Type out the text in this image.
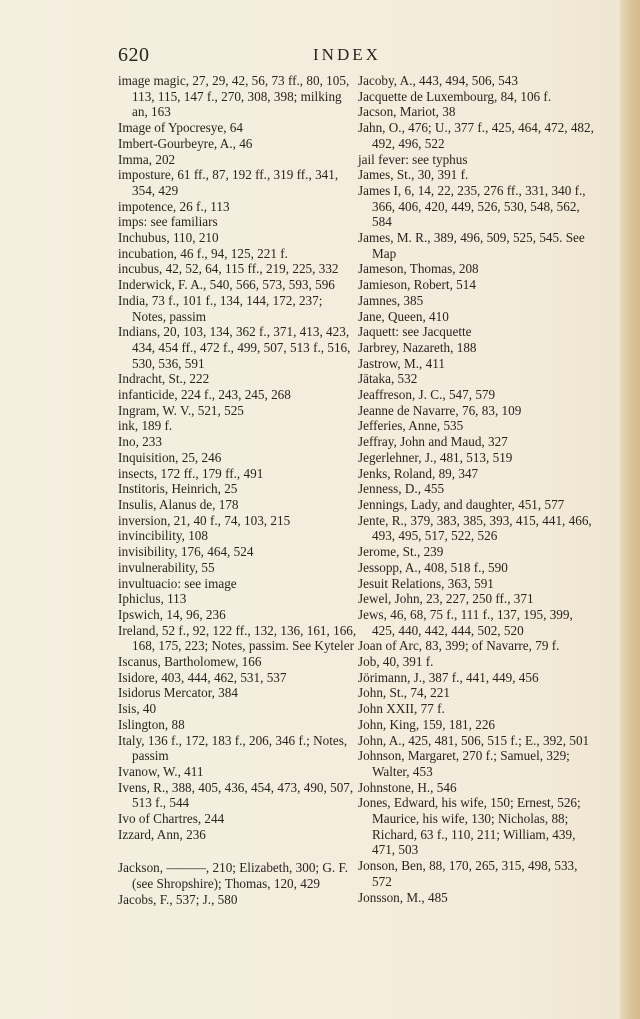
620	INDEX

image magic, 27, 29, 42, 56, 73 ff., 80, 105, 113, 115, 147 f., 270, 308, 398; milking an, 163

Image of Ypocresye, 64

Imbert-Gourbeyre, A., 46

Imma, 202

imposture, 61 ff., 87, 192 ff., 319 ff., 341, 354, 429

impotence, 26 f., 113

imps: see familiars

Inchubus, 110, 210

incubation, 46 f., 94, 125, 221 f.

incubus, 42, 52, 64, 115 ff., 219, 225, 332

Inderwick, F. A., 540, 566, 573, 593, 596

India, 73 f., 101 f., 134, 144, 172, 237; Notes, passim

Indians, 20, 103, 134, 362 f., 371, 413, 423, 434, 454 ff., 472 f., 499, 507, 513 f., 516, 530, 536, 591

Indracht, St., 222

infanticide, 224 f., 243, 245, 268

Ingram, W. V., 521, 525

ink, 189 f.

Ino, 233

Inquisition, 25, 246

insects, 172 ff., 179 ff., 491

Institoris, Heinrich, 25

Insulis, Alanus de, 178

inversion, 21, 40 f., 74, 103, 215

invincibility, 108

invisibility, 176, 464, 524

invulnerability, 55

invultuacio: see image

Iphiclus, 113

Ipswich, 14, 96, 236

Ireland, 52 f., 92, 122 ff., 132, 136, 161, 166, 168, 175, 223; Notes, passim. See Kyteler

Iscanus, Bartholomew, 166

Isidore, 403, 444, 462, 531, 537

Isidorus Mercator, 384

Isis, 40

Islington, 88

Italy, 136 f., 172, 183 f., 206, 346 f.; Notes, passim

Ivanow, W., 411

Ivens, R., 388, 405, 436, 454, 473, 490, 507, 513 f., 544

Ivo of Chartres, 244

Izzard, Ann, 236

Jackson, ———, 210; Elizabeth, 300; G. F. (see Shropshire); Thomas, 120, 429

Jacobs, F., 537; J., 580

Jacoby, A., 443, 494, 506, 543

Jacquette de Luxembourg, 84, 106 f.

Jacson, Mariot, 38

Jahn, O., 476; U., 377 f., 425, 464, 472, 482, 492, 496, 522

jail fever: see typhus

James, St., 30, 391 f.

James I, 6, 14, 22, 235, 276 ff., 331, 340 f., 366, 406, 420, 449, 526, 530, 548, 562, 584

James, M. R., 389, 496, 509, 525, 545. See Map

Jameson, Thomas, 208

Jamieson, Robert, 514

Jamnes, 385

Jane, Queen, 410

Jaquett: see Jacquette

Jarbrey, Nazareth, 188

Jastrow, M., 411

Jātaka, 532

Jeaffreson, J. C., 547, 579

Jeanne de Navarre, 76, 83, 109

Jefferies, Anne, 535

Jeffray, John and Maud, 327

Jegerlehner, J., 481, 513, 519

Jenks, Roland, 89, 347

Jenness, D., 455

Jennings, Lady, and daughter, 451, 577

Jente, R., 379, 383, 385, 393, 415, 441, 466, 493, 495, 517, 522, 526

Jerome, St., 239

Jessopp, A., 408, 518 f., 590

Jesuit Relations, 363, 591

Jewel, John, 23, 227, 250 ff., 371

Jews, 46, 68, 75 f., 111 f., 137, 195, 399, 425, 440, 442, 444, 502, 520

Joan of Arc, 83, 399; of Navarre, 79 f.

Job, 40, 391 f.

Jörimann, J., 387 f., 441, 449, 456

John, St., 74, 221

John XXII, 77 f.

John, King, 159, 181, 226

John, A., 425, 481, 506, 515 f.; E., 392, 501

Johnson, Margaret, 270 f.; Samuel, 329; Walter, 453

Johnstone, H., 546

Jones, Edward, his wife, 150; Ernest, 526; Maurice, his wife, 130; Nicholas, 88; Richard, 63 f., 110, 211; William, 439, 471, 503

Jonson, Ben, 88, 170, 265, 315, 498, 533, 572

Jonsson, M., 485
